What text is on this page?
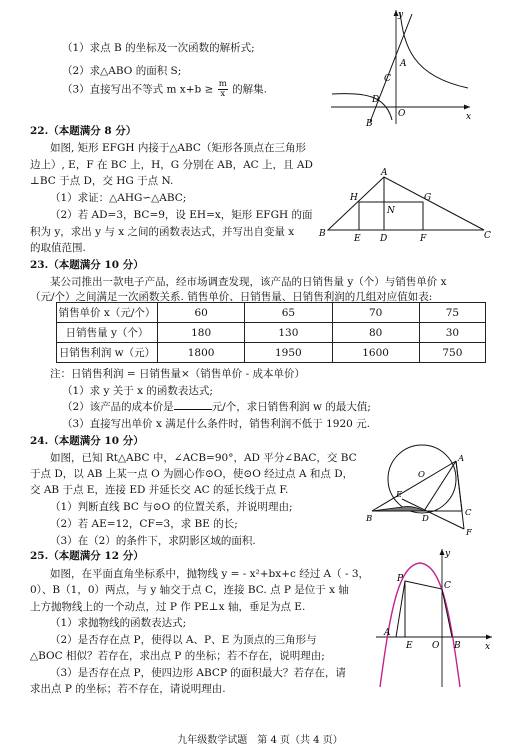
（1）求点 B 的坐标及一次函数的解析式;
（2）求△ABO 的面积 S;
（3）直接写出不等式 m $x+b \ge \frac{m}{x}$ 的解集.
y
x
A
C
D
O
B
22.（本题满分 8 分）
如图, 矩形 EFGH 内接于△ABC（矩形各顶点在三角形
边上）, E，F 在 BC 上，H，G 分别在 AB，AC 上，且 AD
⊥BC 于点 D，交 HG 于点 N.
（1）求证：△AHG∽△ABC;
（2）若 AD=3，BC=9，设 EH=x，矩形 EFGH 的面
积为 y，求出 y 与 x 之间的函数表达式，并写出自变量 x
的取值范围.
A
B	C
D
E	F
G
H
N
23.（本题满分 10 分）
某公司推出一款电子产品，经市场调查发现，该产品的日销售量 y（个）与销售单价 x
（元/个）之间满足一次函数关系. 销售单价、日销售量、日销售利润的几组对应值如表:
销售单价 x（元/个）	60	65	70	75
日销售量 y（个）	180	130	80	30
日销售利润 w（元）	1800	1950	1600	750
注：日销售利润 = 日销售量×（销售单价 - 成本单价）
（1）求 y 关于 x 的函数表达式;
（2）该产品的成本价是	元/个，求日销售利润 w 的最大值;
（3）直接写出单价 x 满足什么条件时，销售利润不低于 1920 元.
24.（本题满分 10 分）
如图，已知 Rt△ABC 中，∠ACB=90°，AD 平分∠BAC，交 BC
于点 D，以 AB 上某一点 O 为圆心作⊙O，使⊙O 经过点 A 和点 D，
交 AB 于点 E，连接 ED 并延长交 AC 的延长线于点 F.
（1）判断直线 BC 与⊙O 的位置关系，并说明理由;
（2）若 AE=12，CF=3，求 BE 的长;
（3）在（2）的条件下，求阴影区域的面积.
A
B
C
D
E
F
O
25.（本题满分 12 分）
如图，在平面直角坐标系中，抛物线 y = - x²+bx+c 经过 A（ - 3，
0）、B（1，0）两点，与 y 轴交于点 C，连接 BC. 点 P 是位于 x 轴
上方抛物线上的一个动点，过 P 作 PE⊥x 轴，垂足为点 E.
（1）求抛物线的函数表达式;
（2）是否存在点 P，使得以 A、P、E 为顶点的三角形与
△BOC 相似？若存在，求出点 P 的坐标；若不存在，说明理由;
（3）是否存在点 P，使四边形 ABCP 的面积最大？若存在，请
求出点 P 的坐标；若不存在，请说明理由.
y
x
P
C
A
E O B
九年级数学试题　第 4 页（共 4 页）
